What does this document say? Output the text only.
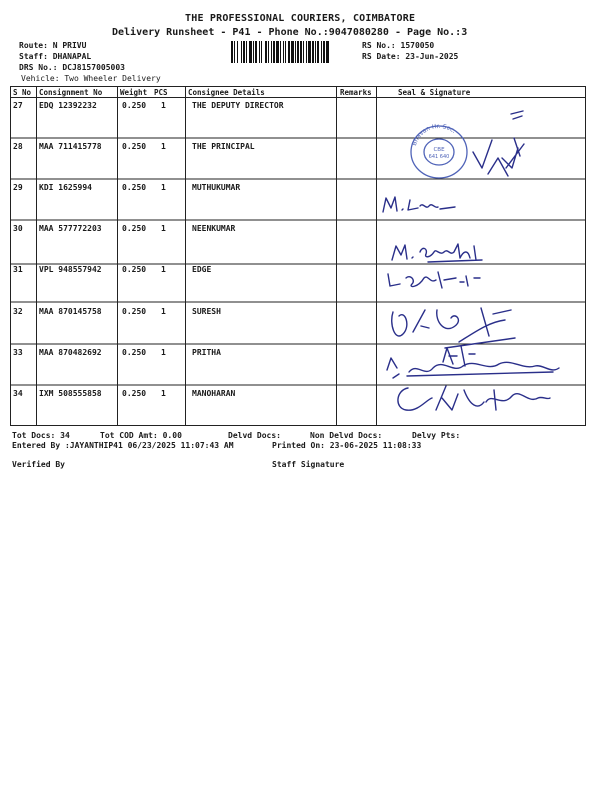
THE PROFESSIONAL COURIERS, COIMBATORE
Delivery Runsheet - P41 - Phone No.:9047080280 - Page No.:3
Route: N PRIVU
Staff: DHANAPAL
DRS No.: DCJ8157005003
Vehicle: Two Wheeler Delivery
RS No.: 1570050
RS Date: 23-Jun-2025
S No Consignment No Weight PCS	Consignee Details	Remarks	Seal & Signature
27 EDQ 12392232	0.250 1	THE DEPUTY DIRECTOR
28 MAA 711415778	0.250 1	THE PRINCIPAL
29 KDI 1625994	0.250 1	MUTHUKUMAR
30 MAA 577772203	0.250 1	NEENKUMAR
31 VPL 948557942	0.250 1	EDGE
32 MAA 870145758	0.250 1	SURESH
33 MAA 870482692	0.250 1	PRITHA
34 IXM 508555858	0.250 1	MANOHARAN
Bhavan Hr. Sec.
CBE
641 640
Tot Docs: 34	Tot COD Amt: 0.00	Delvd Docs:	Non Delvd Docs:	Delvy Pts:
Entered By :JAYANTHIP41 06/23/2025 11:07:43 AM	Printed On: 23-06-2025 11:08:33
Verified By	Staff Signature
